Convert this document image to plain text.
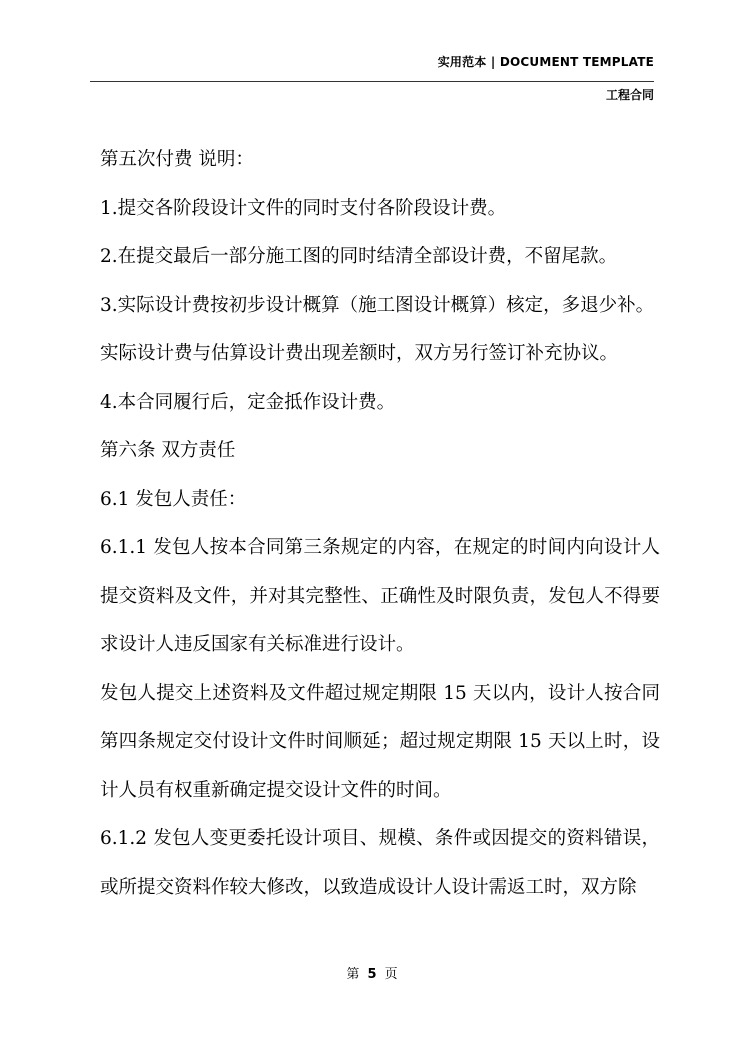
实用范本 | DOCUMENT TEMPLATE
工程合同

第五次付费 说明：

1.提交各阶段设计文件的同时支付各阶段设计费。

2.在提交最后一部分施工图的同时结清全部设计费，不留尾款。

3.实际设计费按初步设计概算（施工图设计概算）核定，多退少补。

实际设计费与估算设计费出现差额时，双方另行签订补充协议。

4.本合同履行后，定金抵作设计费。

第六条 双方责任

6.1 发包人责任：

6.1.1 发包人按本合同第三条规定的内容，在规定的时间内向设计人提交资料及文件，并对其完整性、正确性及时限负责，发包人不得要求设计人违反国家有关标准进行设计。

发包人提交上述资料及文件超过规定期限 15 天以内，设计人按合同第四条规定交付设计文件时间顺延；超过规定期限 15 天以上时，设计人员有权重新确定提交设计文件的时间。

6.1.2 发包人变更委托设计项目、规模、条件或因提交的资料错误，或所提交资料作较大修改，以致造成设计人设计需返工时，双方除

第 5 页
